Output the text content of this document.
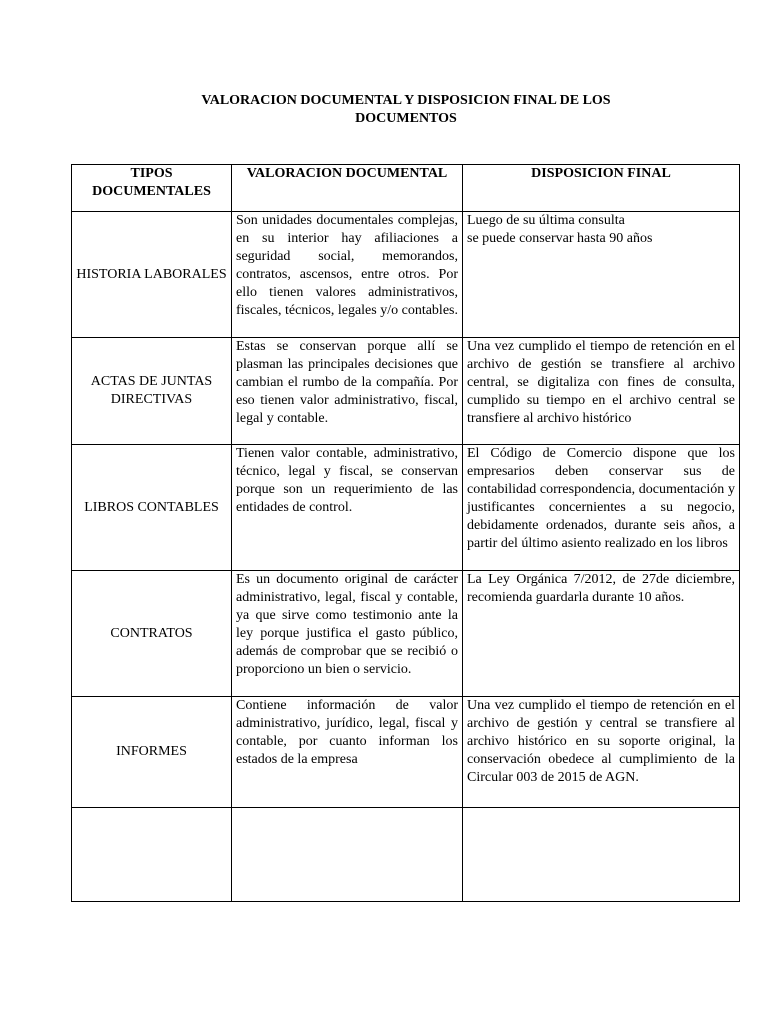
VALORACION DOCUMENTAL Y DISPOSICION FINAL DE LOS
DOCUMENTOS
TIPOS DOCUMENTALES	VALORACION DOCUMENTAL	DISPOSICION FINAL
HISTORIA LABORALES	Son unidades documentales complejas, en su interior hay afiliaciones a seguridad social, memorandos, contratos, ascensos, entre otros. Por ello tienen valores administrativos, fiscales, técnicos, legales y/o contables.	Luego de su última consulta
se puede conservar hasta 90 años
ACTAS DE JUNTAS DIRECTIVAS	Estas se conservan porque allí se plasman las principales decisiones que cambian el rumbo de la compañía. Por eso tienen valor administrativo, fiscal, legal y contable.	Una vez cumplido el tiempo de retención en el archivo de gestión se transfiere al archivo central, se digitaliza con fines de consulta, cumplido su tiempo en el archivo central se transfiere al archivo histórico
LIBROS CONTABLES	Tienen valor contable, administrativo, técnico, legal y fiscal, se conservan porque son un requerimiento de las entidades de control.	El Código de Comercio dispone que los empresarios deben conservar sus de contabilidad correspondencia, documentación y justificantes concernientes a su negocio, debidamente ordenados, durante seis años, a partir del último asiento realizado en los libros
CONTRATOS	Es un documento original de carácter administrativo, legal, fiscal y contable, ya que sirve como testimonio ante la ley porque justifica el gasto público, además de comprobar que se recibió o proporciono un bien o servicio.	La Ley Orgánica 7/2012, de 27de diciembre, recomienda guardarla durante 10 años.
INFORMES	Contiene información de valor administrativo, jurídico, legal, fiscal y contable, por cuanto informan los estados de la empresa	Una vez cumplido el tiempo de retención en el archivo de gestión y central se transfiere al archivo histórico en su soporte original, la conservación obedece al cumplimiento de la Circular 003 de 2015 de AGN.
